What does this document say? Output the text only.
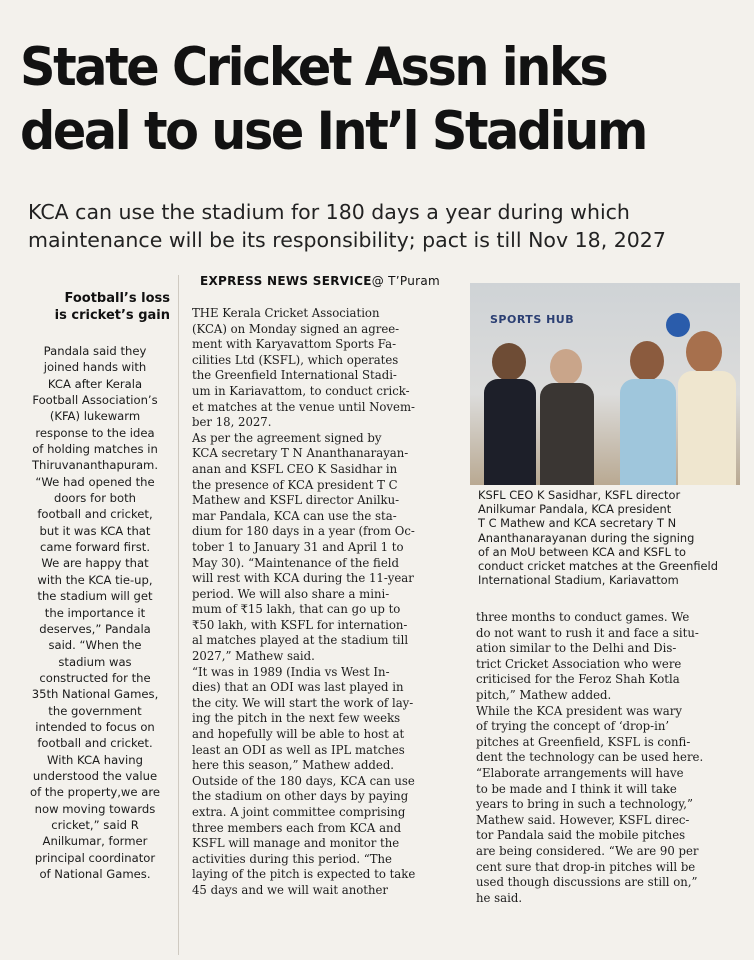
State Cricket Assn inks
deal to use Int’l Stadium
KCA can use the stadium for 180 days a year during which
maintenance will be its responsibility; pact is till Nov 18, 2027
Football’s loss
is cricket’s gain
Pandala said they
joined hands with
KCA after Kerala
Football Association’s
(KFA) lukewarm
response to the idea
of holding matches in
Thiruvananthapuram.
“We had opened the
doors for both
football and cricket,
but it was KCA that
came forward first.
We are happy that
with the KCA tie-up,
the stadium will get
the importance it
deserves,” Pandala
said. “When the
stadium was
constructed for the
35th National Games,
the government
intended to focus on
football and cricket.
With KCA having
understood the value
of the property,we are
now moving towards
cricket,” said R
Anilkumar, former
principal coordinator
of National Games.
EXPRESS NEWS SERVICE@ T’Puram
THE Kerala Cricket Association
(KCA) on Monday signed an agree-
ment with Karyavattom Sports Fa-
cilities Ltd (KSFL), which operates
the Greenfield International Stadi-
um in Kariavattom, to conduct crick-
et matches at the venue until Novem-
ber 18, 2027.
As per the agreement signed by
KCA secretary T N Ananthanarayan-
anan and KSFL CEO K Sasidhar in
the presence of KCA president T C
Mathew and KSFL director Anilku-
mar Pandala, KCA can use the sta-
dium for 180 days in a year (from Oc-
tober 1 to January 31 and April 1 to
May 30). “Maintenance of the field
will rest with KCA during the 11-year
period. We will also share a mini-
mum of ₹15 lakh, that can go up to
₹50 lakh, with KSFL for internation-
al matches played at the stadium till
2027,” Mathew said.
“It was in 1989 (India vs West In-
dies) that an ODI was last played in
the city. We will start the work of lay-
ing the pitch in the next few weeks
and hopefully will be able to host at
least an ODI as well as IPL matches
here this season,” Mathew added.
Outside of the 180 days, KCA can use
the stadium on other days by paying
extra. A joint committee comprising
three members each from KCA and
KSFL will manage and monitor the
activities during this period. “The
laying of the pitch is expected to take
45 days and we will wait another
SPORTS HUB
KSFL CEO K Sasidhar, KSFL director
Anilkumar Pandala, KCA president
T C Mathew and KCA secretary T N
Ananthanarayanan during the signing
of an MoU between KCA and KSFL to
conduct cricket matches at the Greenfield
International Stadium, Kariavattom
three months to conduct games. We
do not want to rush it and face a situ-
ation similar to the Delhi and Dis-
trict Cricket Association who were
criticised for the Feroz Shah Kotla
pitch,” Mathew added.
While the KCA president was wary
of trying the concept of ‘drop-in’
pitches at Greenfield, KSFL is confi-
dent the technology can be used here.
“Elaborate arrangements will have
to be made and I think it will take
years to bring in such a technology,”
Mathew said. However, KSFL direc-
tor Pandala said the mobile pitches
are being considered. “We are 90 per
cent sure that drop-in pitches will be
used though discussions are still on,”
he said.
